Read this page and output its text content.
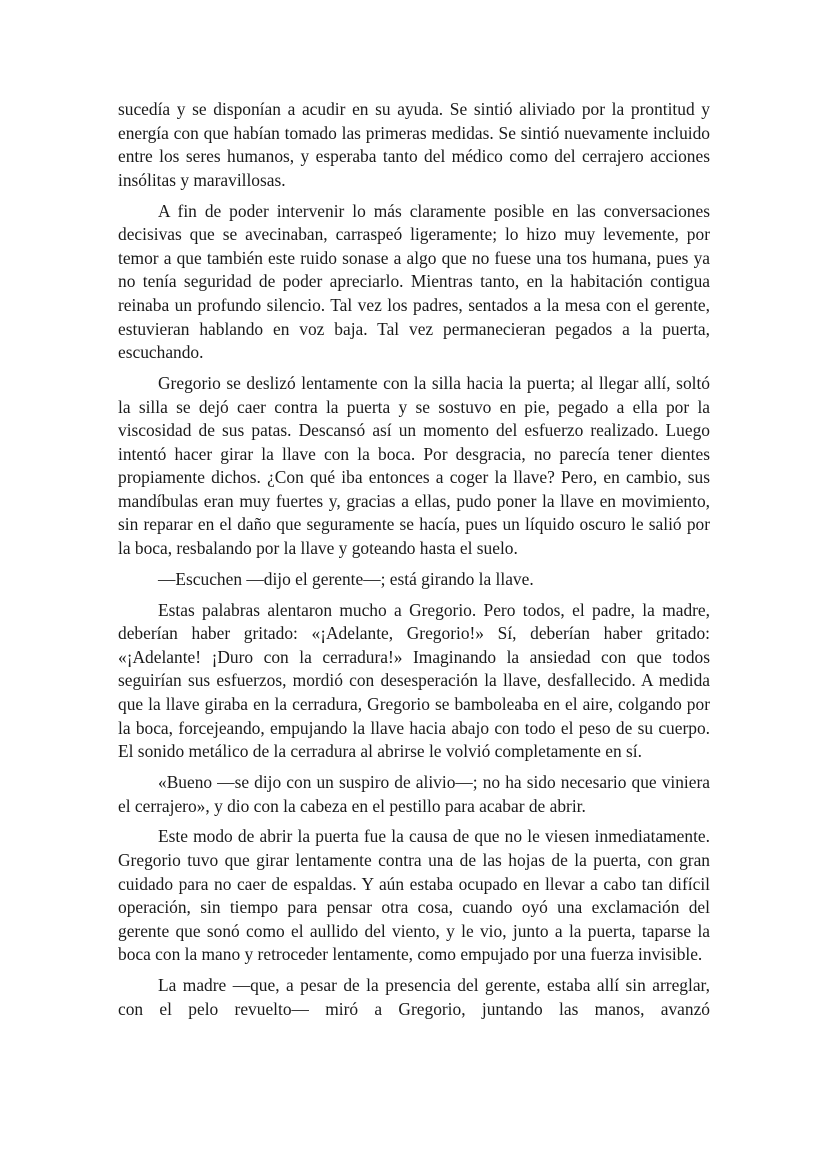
sucedía y se disponían a acudir en su ayuda. Se sintió aliviado por la prontitud y energía con que habían tomado las primeras medidas. Se sintió nuevamente incluido entre los seres humanos, y esperaba tanto del médico como del cerrajero acciones insólitas y maravillosas.

A fin de poder intervenir lo más claramente posible en las conversaciones decisivas que se avecinaban, carraspeó ligeramente; lo hizo muy levemente, por temor a que también este ruido sonase a algo que no fuese una tos humana, pues ya no tenía seguridad de poder apreciarlo. Mientras tanto, en la habitación contigua reinaba un profundo silencio. Tal vez los padres, sentados a la mesa con el gerente, estuvieran hablando en voz baja. Tal vez permanecieran pegados a la puerta, escuchando.

Gregorio se deslizó lentamente con la silla hacia la puerta; al llegar allí, soltó la silla se dejó caer contra la puerta y se sostuvo en pie, pegado a ella por la viscosidad de sus patas. Descansó así un momento del esfuerzo realizado. Luego intentó hacer girar la llave con la boca. Por desgracia, no parecía tener dientes propiamente dichos. ¿Con qué iba entonces a coger la llave? Pero, en cambio, sus mandíbulas eran muy fuertes y, gracias a ellas, pudo poner la llave en movimiento, sin reparar en el daño que seguramente se hacía, pues un líquido oscuro le salió por la boca, resbalando por la llave y goteando hasta el suelo.

—Escuchen —dijo el gerente—; está girando la llave.

Estas palabras alentaron mucho a Gregorio. Pero todos, el padre, la madre, deberían haber gritado: «¡Adelante, Gregorio!» Sí, deberían haber gritado: «¡Adelante! ¡Duro con la cerradura!» Imaginando la ansiedad con que todos seguirían sus esfuerzos, mordió con desesperación la llave, desfallecido. A medida que la llave giraba en la cerradura, Gregorio se bamboleaba en el aire, colgando por la boca, forcejeando, empujando la llave hacia abajo con todo el peso de su cuerpo. El sonido metálico de la cerradura al abrirse le volvió completamente en sí.

«Bueno —se dijo con un suspiro de alivio—; no ha sido necesario que viniera el cerrajero», y dio con la cabeza en el pestillo para acabar de abrir.

Este modo de abrir la puerta fue la causa de que no le viesen inmediatamente. Gregorio tuvo que girar lentamente contra una de las hojas de la puerta, con gran cuidado para no caer de espaldas. Y aún estaba ocupado en llevar a cabo tan difícil operación, sin tiempo para pensar otra cosa, cuando oyó una exclamación del gerente que sonó como el aullido del viento, y le vio, junto a la puerta, taparse la boca con la mano y retroceder lentamente, como empujado por una fuerza invisible.

La madre —que, a pesar de la presencia del gerente, estaba allí sin arreglar, con el pelo revuelto— miró a Gregorio, juntando las manos, avanzó
